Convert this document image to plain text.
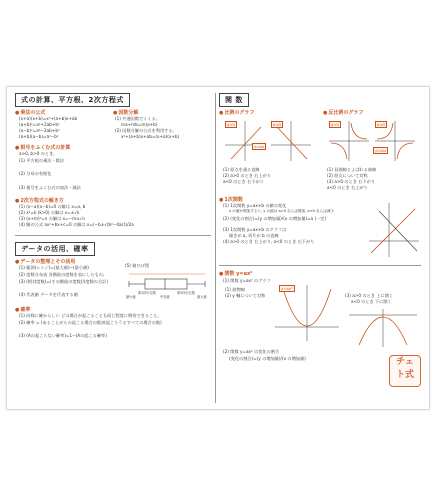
式の計算、平方根、2次方程式
● 乗法の公式
(x+a)(x+b)=x²+(a+b)x+ab
(a+b)²=a²+2ab+b²
(a−b)²=a²−2ab+b²
(a+b)(a−b)=a²−b²
● 因数分解
(1) 共通因数でくくる。
ma+mb=m(a+b)
(2) 因数分解の公式を利用する。
x²+(a+b)x+ab=(x+a)(x+b)
● 根号をふくむ式の計算
a>0, b>0 のとき,
(1) 平方根の乗法・除法
(2) 分母の有理化
(3) 根号をふくむ式の加法・減法
● 2次方程式の解き方
(1) (x−a)(x−b)=0 の解は x=a, b
(2) x²=k (k>0) の解は x=±√k
(3) (x+m)²=n の解は x=−m±√n
(4) 解の公式 ax²+bx+c=0 の解は x=(−b±√(b²−4ac))/2a
データの活用、確率
● データの整理とその活用
(1) 範囲(レンジ)=(最大値)−(最小値)
(2) 度数分布表 各階級の度数を表にしたもの。
(3) (相対度数)=(その階級の度数)/(度数の合計)
(4) 代表値 データを代表する値
(5) 箱ひげ図
最小値
第1四分位数
中央値
第3四分位数
最大値
● 確率
(1) 同様に確からしい どの場合が起こることも同じ程度に期待できること。
(2) 確率 = (あることがらの起こる場合の数)/(起こりうるすべての場合の数)
(3) (Aの起こらない確率)=1−(Aの起こる確率)
関 数
● 比例のグラフ
●	反比例のグラフ
a>0	a<0
y=ax
a>0	a<0
y=a/x
(1) 原点を通る直線
(2) a>0 のとき 右上がり
a<0 のとき 右下がり
(1) 双曲線とよばれる曲線
(2) 原点について対称
(3) a>0 のとき 右下がり
a<0 のとき 右上がり
● 1次関数
(1) 1次関数 y=ax+b の値の変化
x の値が増加すると, y の値は a>0 ならば増加, a<0 ならば減少
(2) (変化の割合)=(y の増加量)/(x の増加量)=a (一定)
(3) 1次関数 y=ax+b のグラフは
傾きが a, 切片が b の直線
(4) a>0 のとき 右上がり, a<0 のとき 右下がり
● 関数 y=ax²
(1) 関数 y=ax² のグラフ
y=ax²
(1) 放物線
(2) y 軸について対称	(3) a>0 のとき 上に開く
a<0 のとき 下に開く
(2) 関数 y=ax² の変化の割合
(変化の割合)=(y の増加量)/(x の増加量)	チェ
ト式
